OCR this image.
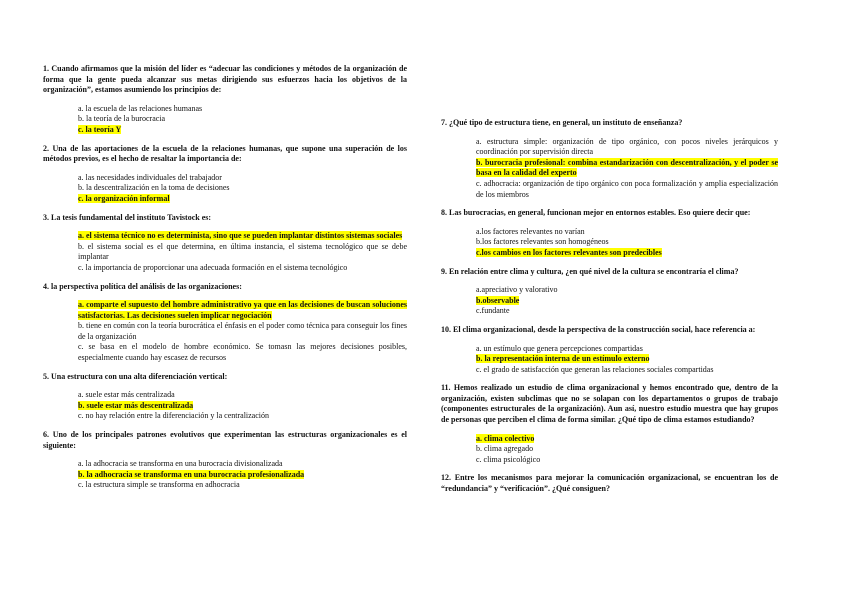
1. Cuando afirmamos que la misión del líder es “adecuar las condiciones y métodos de la organización de forma que la gente pueda alcanzar sus metas dirigiendo sus esfuerzos hacia los objetivos de la organización”, estamos asumiendo los principios de:

a. la escuela de las relaciones humanas
b. la teoría de la burocracia
c. la teoría Y

2. Una de las aportaciones de la escuela de la relaciones humanas, que supone una superación de los métodos previos, es el hecho de resaltar la importancia de:

a. las necesidades individuales del trabajador
b. la descentralización en la toma de decisiones
c. la organización informal

3. La tesis fundamental del instituto Tavistock es:

a. el sistema técnico no es determinista, sino que se pueden implantar distintos sistemas sociales
b. el sistema social es el que determina, en última instancia, el sistema tecnológico que se debe implantar
c. la importancia de proporcionar una adecuada formación en el sistema tecnológico

4. la perspectiva política del análisis de las organizaciones:

a. comparte el supuesto del hombre administrativo ya que en las decisiones de buscan soluciones satisfactorias. Las decisiones suelen implicar negociación
b. tiene en común con la teoría burocrática el énfasis en el poder como técnica para conseguir los fines de la organización
c. se basa en el modelo de hombre económico. Se tomasn las mejores decisiones posibles, especialmente cuando hay escasez de recursos

5. Una estructura con una alta diferenciación vertical:

a. suele estar más centralizada
b. suele estar más descentralizada
c. no hay relación entre la diferenciación y la centralización

6. Uno de los principales patrones evolutivos que experimentan las estructuras organizacionales es el siguiente:

a. la adhocracia se transforma en una burocracia divisionalizada
b. la adhocracia se transforma en una burocracia profesionalizada
c. la estructura simple se transforma en adhocracia

7. ¿Qué tipo de estructura tiene, en general, un instituto de enseñanza?

a. estructura simple: organización de tipo orgánico, con pocos niveles jerárquicos y coordinación por supervisión directa
b. burocracia profesional: combina estandarización con descentralización, y el poder se basa en la calidad del experto
c. adhocracia: organización de tipo orgánico con poca formalización y amplia especialización de los miembros

8. Las burocracias, en general, funcionan mejor en entornos estables. Eso quiere decir que:

a.los factores relevantes no varían
b.los factores relevantes son homogéneos
c.los cambios en los factores relevantes son predecibles

9. En relación entre clima y cultura, ¿en qué nivel de la cultura se encontraría el clima?

a.apreciativo y valorativo
b.observable
c.fundante

10. El clima organizacional, desde la perspectiva de la construcción social, hace referencia a:

a. un estímulo que genera percepciones compartidas
b. la representación interna de un estímulo externo
c. el grado de satisfacción que generan las relaciones sociales compartidas

11. Hemos realizado un estudio de clima organizacional y hemos encontrado que, dentro de la organización, existen subclimas que no se solapan con los departamentos o grupos de trabajo (componentes estructurales de la organización). Aun así, nuestro estudio muestra que hay grupos de personas que perciben el clima de forma similar. ¿Qué tipo de clima estamos estudiando?

a. clima colectivo
b. clima agregado
c. clima psicológico

12. Entre los mecanismos para mejorar la comunicación organizacional, se encuentran los de “redundancia” y “verificación”. ¿Qué consiguen?
